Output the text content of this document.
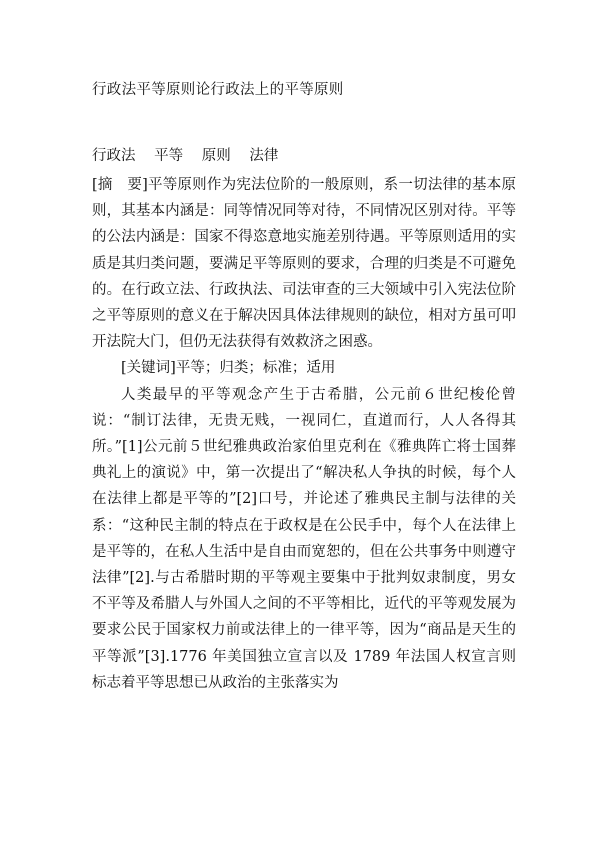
行政法平等原则论行政法上的平等原则
行政法 平等 原则 法律

[摘　要]平等原则作为宪法位阶的一般原则，系一切法律的基本原则，其基本内涵是：同等情况同等对待，不同情况区别对待。平等的公法内涵是：国家不得恣意地实施差别待遇。平等原则适用的实质是其归类问题，要满足平等原则的要求，合理的归类是不可避免的。在行政立法、行政执法、司法审查的三大领域中引入宪法位阶之平等原则的意义在于解决因具体法律规则的缺位，相对方虽可叩开法院大门，但仍无法获得有效救济之困惑。

[关键词]平等；归类；标准；适用

人类最早的平等观念产生于古希腊，公元前６世纪梭伦曾说：“制订法律，无贵无贱，一视同仁，直道而行，人人各得其所。”[1]公元前５世纪雅典政治家伯里克利在《雅典阵亡将士国葬典礼上的演说》中，第一次提出了“解决私人争执的时候，每个人在法律上都是平等的”[2]口号，并论述了雅典民主制与法律的关系：“这种民主制的特点在于政权是在公民手中，每个人在法律上是平等的，在私人生活中是自由而宽恕的，但在公共事务中则遵守法律”[2].与古希腊时期的平等观主要集中于批判奴隶制度，男女不平等及希腊人与外国人之间的不平等相比，近代的平等观发展为要求公民于国家权力前或法律上的一律平等，因为“商品是天生的平等派”[3].1776 年美国独立宣言以及 1789 年法国人权宣言则标志着平等思想已从政治的主张落实为
